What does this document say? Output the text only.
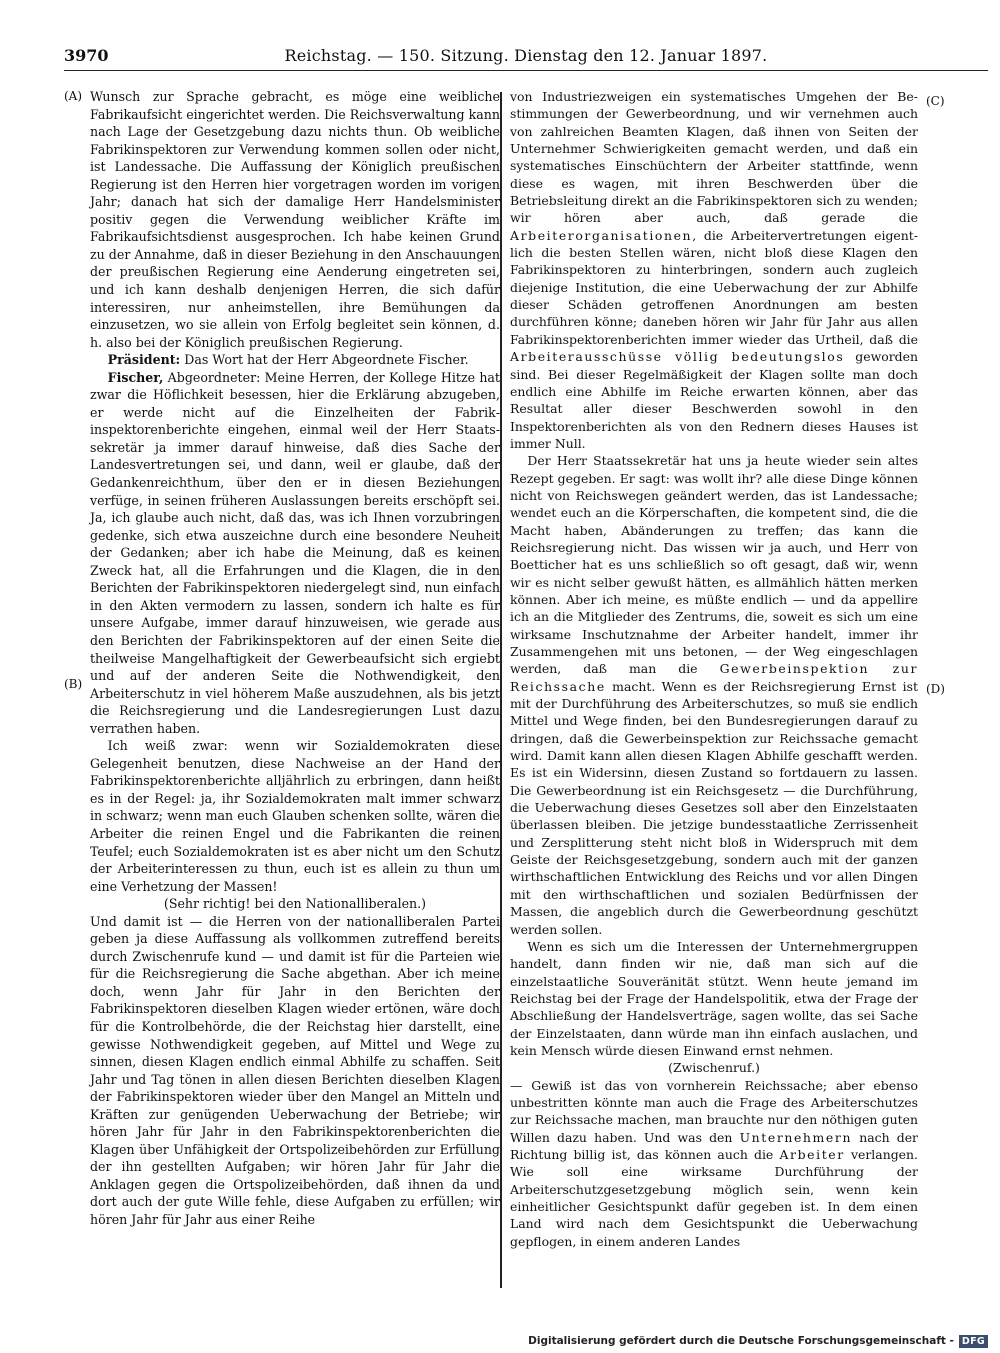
3970	Reichstag. — 150. Sitzung. Dienstag den 12. Januar 1897.
(A)
(B)
(C)
(D)

Wunsch zur Sprache gebracht, es möge eine weibliche Fabrikaufsicht eingerichtet werden. Die Reichsverwaltung kann nach Lage der Gesetzgebung dazu nichts thun. Ob weibliche Fabrikinspektoren zur Verwendung kommen sollen oder nicht, ist Landessache. Die Auffassung der Königlich preußischen Regierung ist den Herren hier vorgetragen worden im vorigen Jahr; danach hat sich der damalige Herr Handelsminister positiv gegen die Verwendung weiblicher Kräfte im Fabrikaufsichtsdienst ausgesprochen. Ich habe keinen Grund zu der Annahme, daß in dieser Beziehung in den Anschauungen der preußischen Regierung eine Aenderung eingetreten sei, und ich kann deshalb denjenigen Herren, die sich dafür interessiren, nur anheimstellen, ihre Bemühungen da einzusetzen, wo sie allein von Erfolg begleitet sein können, d. h. also bei der Königlich preußischen Regierung.

Präsident: Das Wort hat der Herr Abgeordnete Fischer.

Fischer, Abgeordneter: Meine Herren, der Kollege Hitze hat zwar die Höflichkeit besessen, hier die Erklärung abzugeben, er werde nicht auf die Einzelheiten der Fabrikinspektorenberichte eingehen, einmal weil der Herr Staatssekretär ja immer darauf hinweise, daß dies Sache der Landesvertretungen sei, und dann, weil er glaube, daß der Gedankenreichthum, über den er in diesen Beziehungen verfüge, in seinen früheren Auslassungen bereits erschöpft sei. Ja, ich glaube auch nicht, daß das, was ich Ihnen vorzubringen gedenke, sich etwa auszeichne durch eine besondere Neuheit der Gedanken; aber ich habe die Meinung, daß es keinen Zweck hat, all die Erfahrungen und die Klagen, die in den Berichten der Fabrikinspektoren niedergelegt sind, nun einfach in den Akten vermodern zu lassen, sondern ich halte es für unsere Aufgabe, immer darauf hinzuweisen, wie gerade aus den Berichten der Fabrikinspektoren auf der einen Seite die theilweise Mangelhaftigkeit der Gewerbeaufsicht sich ergiebt und auf der anderen Seite die Nothwendigkeit, den Arbeiterschutz in viel höherem Maße auszudehnen, als bis jetzt die Reichsregierung und die Landesregierungen Lust dazu verrathen haben.

Ich weiß zwar: wenn wir Sozialdemokraten diese Gelegenheit benutzen, diese Nachweise an der Hand der Fabrikinspektorenberichte alljährlich zu erbringen, dann heißt es in der Regel: ja, ihr Sozialdemokraten malt immer schwarz in schwarz; wenn man euch Glauben schenken sollte, wären die Arbeiter die reinen Engel und die Fabrikanten die reinen Teufel; euch Sozialdemokraten ist es aber nicht um den Schutz der Arbeiterinteressen zu thun, euch ist es allein zu thun um eine Verhetzung der Massen!

(Sehr richtig! bei den Nationalliberalen.)

Und damit ist — die Herren von der nationalliberalen Partei geben ja diese Auffassung als vollkommen zutreffend bereits durch Zwischenrufe kund — und damit ist für die Parteien wie für die Reichsregierung die Sache abgethan. Aber ich meine doch, wenn Jahr für Jahr in den Berichten der Fabrikinspektoren dieselben Klagen wieder ertönen, wäre doch für die Kontrolbehörde, die der Reichstag hier darstellt, eine gewisse Nothwendigkeit gegeben, auf Mittel und Wege zu sinnen, diesen Klagen endlich einmal Abhilfe zu schaffen. Seit Jahr und Tag tönen in allen diesen Berichten dieselben Klagen der Fabrikinspektoren wieder über den Mangel an Mitteln und Kräften zur genügenden Ueberwachung der Betriebe; wir hören Jahr für Jahr in den Fabrikinspektorenberichten die Klagen über Unfähigkeit der Ortspolizeibehörden zur Erfüllung der ihn gestellten Aufgaben; wir hören Jahr für Jahr die Anklagen gegen die Ortspolizeibehörden, daß ihnen da und dort auch der gute Wille fehle, diese Aufgaben zu erfüllen; wir hören Jahr für Jahr aus einer Reihe

von Industriezweigen ein systematisches Umgehen der Bestimmungen der Gewerbeordnung, und wir vernehmen auch von zahlreichen Beamten Klagen, daß ihnen von Seiten der Unternehmer Schwierigkeiten gemacht werden, und daß ein systematisches Einschüchtern der Arbeiter stattfinde, wenn diese es wagen, mit ihren Beschwerden über die Betriebsleitung direkt an die Fabrikinspektoren sich zu wenden; wir hören aber auch, daß gerade die Arbeiterorganisationen, die Arbeitervertretungen eigentlich die besten Stellen wären, nicht bloß diese Klagen den Fabrikinspektoren zu hinterbringen, sondern auch zugleich diejenige Institution, die eine Ueberwachung der zur Abhilfe dieser Schäden getroffenen Anordnungen am besten durchführen könne; daneben hören wir Jahr für Jahr aus allen Fabrikinspektorenberichten immer wieder das Urtheil, daß die Arbeiterausschüsse völlig bedeutungslos geworden sind. Bei dieser Regelmäßigkeit der Klagen sollte man doch endlich eine Abhilfe im Reiche erwarten können, aber das Resultat aller dieser Beschwerden sowohl in den Inspektorenberichten als von den Rednern dieses Hauses ist immer Null.

Der Herr Staatssekretär hat uns ja heute wieder sein altes Rezept gegeben. Er sagt: was wollt ihr? alle diese Dinge können nicht von Reichswegen geändert werden, das ist Landessache; wendet euch an die Körperschaften, die kompetent sind, die die Macht haben, Abänderungen zu treffen; das kann die Reichsregierung nicht. Das wissen wir ja auch, und Herr von Boetticher hat es uns schließlich so oft gesagt, daß wir, wenn wir es nicht selber gewußt hätten, es allmählich hätten merken können. Aber ich meine, es müßte endlich — und da appellire ich an die Mitglieder des Zentrums, die, soweit es sich um eine wirksame Inschutznahme der Arbeiter handelt, immer ihr Zusammengehen mit uns betonen, — der Weg eingeschlagen werden, daß man die Gewerbeinspektion zur Reichssache macht. Wenn es der Reichsregierung Ernst ist mit der Durchführung des Arbeiterschutzes, so muß sie endlich Mittel und Wege finden, bei den Bundesregierungen darauf zu dringen, daß die Gewerbeinspektion zur Reichssache gemacht wird. Damit kann allen diesen Klagen Abhilfe geschafft werden. Es ist ein Widersinn, diesen Zustand so fortdauern zu lassen. Die Gewerbeordnung ist ein Reichsgesetz — die Durchführung, die Ueberwachung dieses Gesetzes soll aber den Einzelstaaten überlassen bleiben. Die jetzige bundesstaatliche Zerrissenheit und Zersplitterung steht nicht bloß in Widerspruch mit dem Geiste der Reichsgesetzgebung, sondern auch mit der ganzen wirthschaftlichen Entwicklung des Reichs und vor allen Dingen mit den wirthschaftlichen und sozialen Bedürfnissen der Massen, die angeblich durch die Gewerbeordnung geschützt werden sollen.

Wenn es sich um die Interessen der Unternehmergruppen handelt, dann finden wir nie, daß man sich auf die einzelstaatliche Souveränität stützt. Wenn heute jemand im Reichstag bei der Frage der Handelspolitik, etwa der Frage der Abschließung der Handelsverträge, sagen wollte, das sei Sache der Einzelstaaten, dann würde man ihn einfach auslachen, und kein Mensch würde diesen Einwand ernst nehmen.

(Zwischenruf.)

— Gewiß ist das von vornherein Reichssache; aber ebenso unbestritten könnte man auch die Frage des Arbeiterschutzes zur Reichssache machen, man brauchte nur den nöthigen guten Willen dazu haben. Und was den Unternehmern nach der Richtung billig ist, das können auch die Arbeiter verlangen. Wie soll eine wirksame Durchführung der Arbeiterschutzgesetzgebung möglich sein, wenn kein einheitlicher Gesichtspunkt dafür gegeben ist. In dem einen Land wird nach dem Gesichtspunkt die Ueberwachung gepflogen, in einem anderen Landes

Digitalisierung gefördert durch die Deutsche Forschungsgemeinschaft - DFG
